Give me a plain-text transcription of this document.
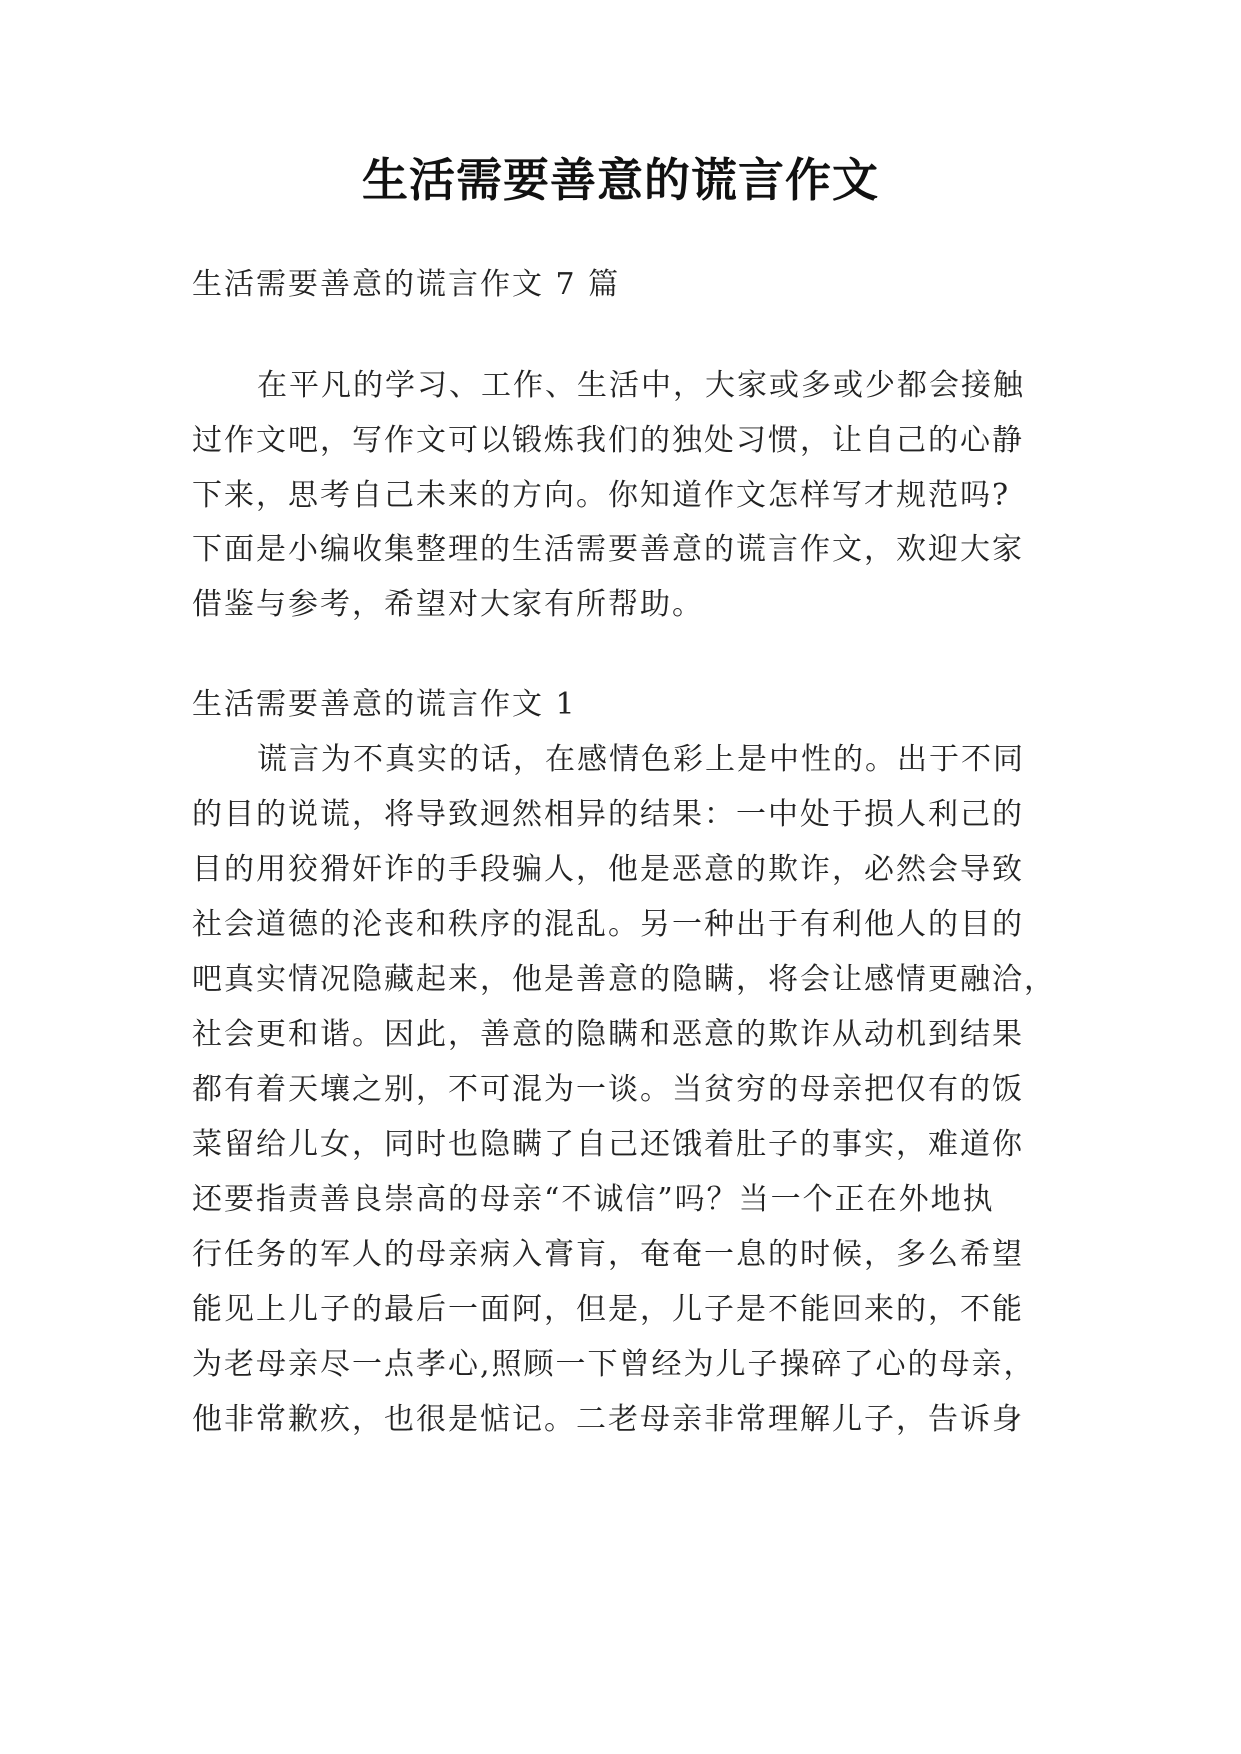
生活需要善意的谎言作文
生活需要善意的谎言作文 7 篇
在平凡的学习、工作、生活中，大家或多或少都会接触
过作文吧，写作文可以锻炼我们的独处习惯，让自己的心静
下来，思考自己未来的方向。你知道作文怎样写才规范吗?
下面是小编收集整理的生活需要善意的谎言作文，欢迎大家
借鉴与参考，希望对大家有所帮助。
生活需要善意的谎言作文 1
谎言为不真实的话，在感情色彩上是中性的。出于不同
的目的说谎，将导致迥然相异的结果：一中处于损人利己的
目的用狡猾奸诈的手段骗人，他是恶意的欺诈，必然会导致
社会道德的沦丧和秩序的混乱。另一种出于有利他人的目的
吧真实情况隐藏起来，他是善意的隐瞒，将会让感情更融洽，
社会更和谐。因此，善意的隐瞒和恶意的欺诈从动机到结果
都有着天壤之别，不可混为一谈。当贫穷的母亲把仅有的饭
菜留给儿女，同时也隐瞒了自己还饿着肚子的事实，难道你
还要指责善良崇高的母亲“不诚信”吗？当一个正在外地执
行任务的军人的母亲病入膏肓，奄奄一息的时候，多么希望
能见上儿子的最后一面阿，但是，儿子是不能回来的，不能
为老母亲尽一点孝心,照顾一下曾经为儿子操碎了心的母亲，
他非常歉疚，也很是惦记。二老母亲非常理解儿子，告诉身
